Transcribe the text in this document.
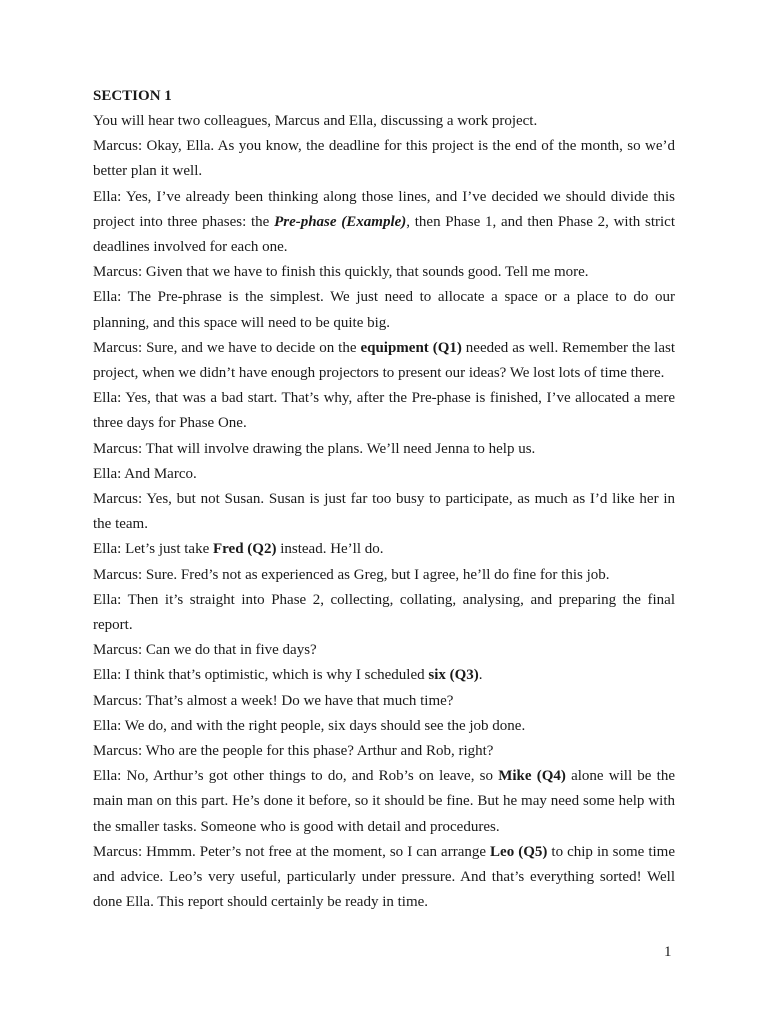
SECTION 1

You will hear two colleagues, Marcus and Ella, discussing a work project.

Marcus: Okay, Ella. As you know, the deadline for this project is the end of the month, so we’d better plan it well.

Ella: Yes, I’ve already been thinking along those lines, and I’ve decided we should divide this project into three phases: the Pre-phase (Example), then Phase 1, and then Phase 2, with strict deadlines involved for each one.

Marcus: Given that we have to finish this quickly, that sounds good. Tell me more.

Ella: The Pre-phrase is the simplest. We just need to allocate a space or a place to do our planning, and this space will need to be quite big.

Marcus: Sure, and we have to decide on the equipment (Q1) needed as well. Remember the last project, when we didn’t have enough projectors to present our ideas? We lost lots of time there.

Ella: Yes, that was a bad start. That’s why, after the Pre-phase is finished, I’ve allocated a mere three days for Phase One.

Marcus: That will involve drawing the plans. We’ll need Jenna to help us.

Ella: And Marco.

Marcus: Yes, but not Susan. Susan is just far too busy to participate, as much as I’d like her in the team.

Ella: Let’s just take Fred (Q2) instead. He’ll do.

Marcus: Sure. Fred’s not as experienced as Greg, but I agree, he’ll do fine for this job.

Ella: Then it’s straight into Phase 2, collecting, collating, analysing, and preparing the final report.

Marcus: Can we do that in five days?

Ella: I think that’s optimistic, which is why I scheduled six (Q3).

Marcus: That’s almost a week! Do we have that much time?

Ella: We do, and with the right people, six days should see the job done.

Marcus: Who are the people for this phase? Arthur and Rob, right?

Ella: No, Arthur’s got other things to do, and Rob’s on leave, so Mike (Q4) alone will be the main man on this part. He’s done it before, so it should be fine. But he may need some help with the smaller tasks. Someone who is good with detail and procedures.

Marcus: Hmmm. Peter’s not free at the moment, so I can arrange Leo (Q5) to chip in some time and advice. Leo’s very useful, particularly under pressure. And that’s everything sorted! Well done Ella. This report should certainly be ready in time.

1
